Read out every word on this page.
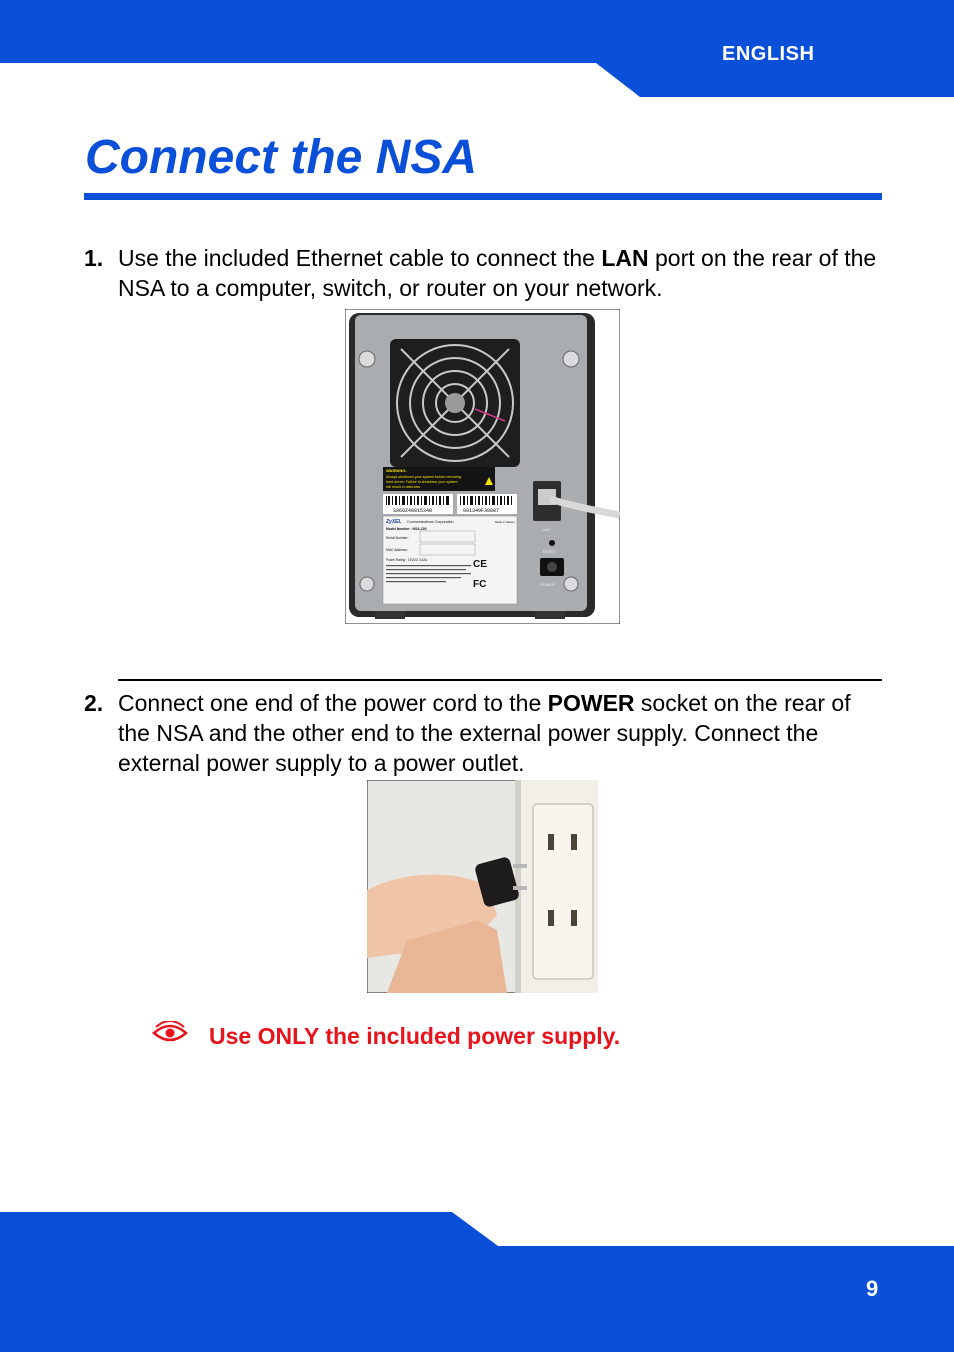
ENGLISH
Connect the NSA
1. Use the included Ethernet cable to connect the LAN port on the rear of the NSA to a computer, switch, or router on your network.
WARNING:
Always shutdown your system before removing
hard drives. Failure to shutdown your system
will result in data loss.
S060Z48015348	001349F30087
ZyXEL Communications Corporation	Made in Taiwan
Model Number : NSA-220
Serial Number:
MAC Address:
Power Rating : 12VDC 3.42A	CE
FC
LAN
RESET
POWER
2. Connect one end of the power cord to the POWER socket on the rear of the NSA and the other end to the external power supply. Connect the external power supply to a power outlet.
Use ONLY the included power supply.
9
